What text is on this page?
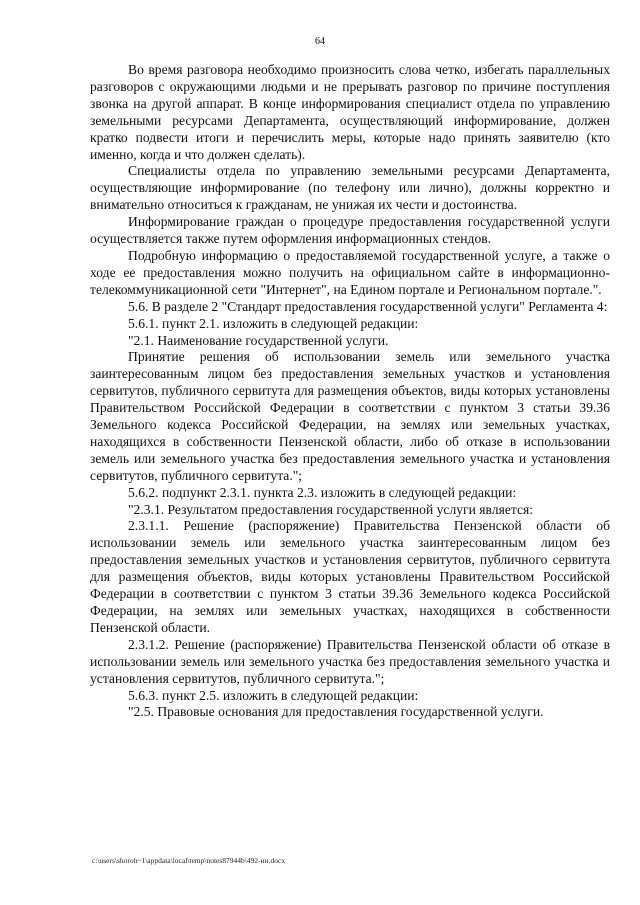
64

Во время разговора необходимо произносить слова четко, избегать параллельных разговоров с окружающими людьми и не прерывать разговор по причине поступления звонка на другой аппарат. В конце информирования специалист отдела по управлению земельными ресурсами Департамента, осуществляющий информирование, должен кратко подвести итоги и перечислить меры, которые надо принять заявителю (кто именно, когда и что должен сделать).

Специалисты отдела по управлению земельными ресурсами Департамента, осуществляющие информирование (по телефону или лично), должны корректно и внимательно относиться к гражданам, не унижая их чести и достоинства.

Информирование граждан о процедуре предоставления государственной услуги осуществляется также путем оформления информационных стендов.

Подробную информацию о предоставляемой государственной услуге, а также о ходе ее предоставления можно получить на официальном сайте в информационно-телекоммуникационной сети "Интернет", на Едином портале и Региональном портале.".

5.6. В разделе 2 "Стандарт предоставления государственной услуги" Регламента 4:

5.6.1. пункт 2.1. изложить в следующей редакции:

"2.1. Наименование государственной услуги.

Принятие решения об использовании земель или земельного участка заинтересованным лицом без предоставления земельных участков и установления сервитутов, публичного сервитута для размещения объектов, виды которых установлены Правительством Российской Федерации в соответствии с пунктом 3 статьи 39.36 Земельного кодекса Российской Федерации, на землях или земельных участках, находящихся в собственности Пензенской области, либо об отказе в использовании земель или земельного участка без предоставления земельного участка и установления сервитутов, публичного сервитута.";

5.6.2. подпункт 2.3.1. пункта 2.3. изложить в следующей редакции:

"2.3.1. Результатом предоставления государственной услуги является:

2.3.1.1. Решение (распоряжение) Правительства Пензенской области об использовании земель или земельного участка заинтересованным лицом без предоставления земельных участков и установления сервитутов, публичного сервитута для размещения объектов, виды которых установлены Правительством Российской Федерации в соответствии с пунктом 3 статьи 39.36 Земельного кодекса Российской Федерации, на землях или земельных участках, находящихся в собственности Пензенской области.

2.3.1.2. Решение (распоряжение) Правительства Пензенской области об отказе в использовании земель или земельного участка без предоставления земельного участка и установления сервитутов, публичного сервитута.";

5.6.3. пункт 2.5. изложить в следующей редакции:

"2.5. Правовые основания для предоставления государственной услуги.

c:\users\shoroh~1\appdata\local\temp\notes87944b\492-ин.docx
